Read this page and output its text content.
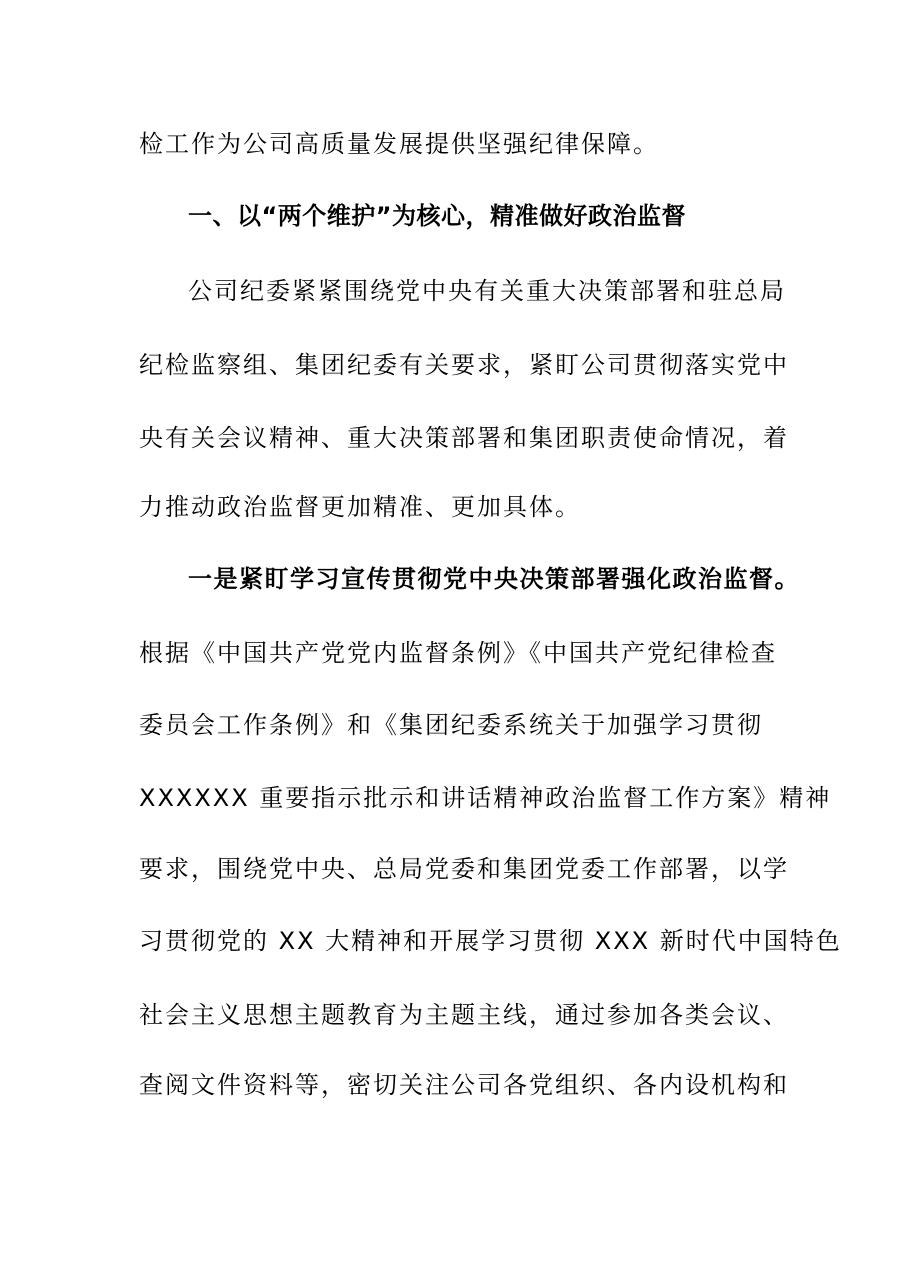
检工作为公司高质量发展提供坚强纪律保障。
一、以“两个维护”为核心，精准做好政治监督
公司纪委紧紧围绕党中央有关重大决策部署和驻总局
纪检监察组、集团纪委有关要求，紧盯公司贯彻落实党中
央有关会议精神、重大决策部署和集团职责使命情况，着
力推动政治监督更加精准、更加具体。
一是紧盯学习宣传贯彻党中央决策部署强化政治监督。
根据《中国共产党党内监督条例》《中国共产党纪律检查
委员会工作条例》和《集团纪委系统关于加强学习贯彻
XXXXXX 重要指示批示和讲话精神政治监督工作方案》精神
要求，围绕党中央、总局党委和集团党委工作部署，以学
习贯彻党的 XX 大精神和开展学习贯彻 XXX 新时代中国特色
社会主义思想主题教育为主题主线，通过参加各类会议、
查阅文件资料等，密切关注公司各党组织、各内设机构和
